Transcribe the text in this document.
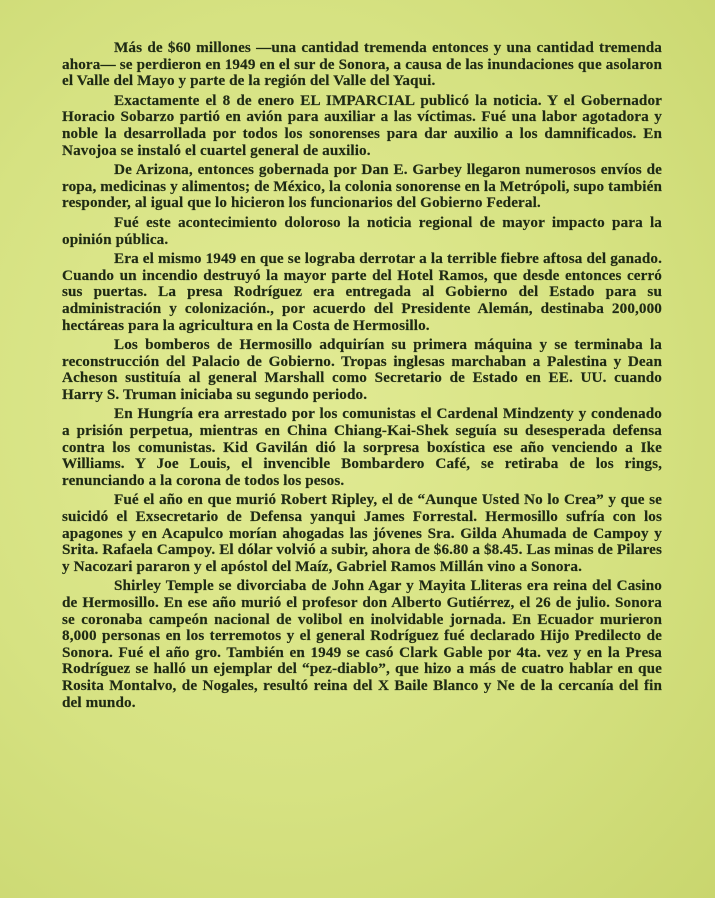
Más de $60 millones —una cantidad tremenda entonces y una cantidad tremenda ahora— se perdieron en 1949 en el sur de Sonora, a causa de las inundaciones que asolaron el Valle del Mayo y parte de la región del Valle del Yaqui.

Exactamente el 8 de enero EL IMPARCIAL publicó la noticia. Y el Gobernador Horacio Sobarzo partió en avión para auxiliar a las víctimas. Fué una labor agotadora y noble la desarrollada por todos los sonorenses para dar auxilio a los damnificados. En Navojoa se instaló el cuartel general de auxilio.

De Arizona, entonces gobernada por Dan E. Garbey llegaron numerosos envíos de ropa, medicinas y alimentos; de México, la colonia sonorense en la Metrópoli, supo también responder, al igual que lo hicieron los funcionarios del Gobierno Federal.

Fué este acontecimiento doloroso la noticia regional de mayor impacto para la opinión pública.

Era el mismo 1949 en que se lograba derrotar a la terrible fiebre aftosa del ganado. Cuando un incendio destruyó la mayor parte del Hotel Ramos, que desde entonces cerró sus puertas. La presa Rodríguez era entregada al Gobierno del Estado para su administración y colonización., por acuerdo del Presidente Alemán, destinaba 200,000 hectáreas para la agricultura en la Costa de Hermosillo.

Los bomberos de Hermosillo adquirían su primera máquina y se terminaba la reconstrucción del Palacio de Gobierno. Tropas inglesas marchaban a Palestina y Dean Acheson sustituía al general Marshall como Secretario de Estado en EE. UU. cuando Harry S. Truman iniciaba su segundo periodo.

En Hungría era arrestado por los comunistas el Cardenal Mindzenty y condenado a prisión perpetua, mientras en China Chiang-Kai-Shek seguía su desesperada defensa contra los comunistas. Kid Gavilán dió la sorpresa boxística ese año venciendo a Ike Williams. Y Joe Louis, el invencible Bombardero Café, se retiraba de los rings, renunciando a la corona de todos los pesos.

Fué el año en que murió Robert Ripley, el de “Aunque Usted No lo Crea” y que se suicidó el Exsecretario de Defensa yanqui James Forrestal. Hermosillo sufría con los apagones y en Acapulco morían ahogadas las jóvenes Sra. Gilda Ahumada de Campoy y Srita. Rafaela Campoy. El dólar volvió a subir, ahora de $6.80 a $8.45. Las minas de Pilares y Nacozari pararon y el apóstol del Maíz, Gabriel Ramos Millán vino a Sonora.

Shirley Temple se divorciaba de John Agar y Mayita Lliteras era reina del Casino de Hermosillo. En ese año murió el profesor don Alberto Gutiérrez, el 26 de julio. Sonora se coronaba campeón nacional de volibol en inolvidable jornada. En Ecuador murieron 8,000 personas en los terremotos y el general Rodríguez fué declarado Hijo Predilecto de Sonora. Fué el año gro. También en 1949 se casó Clark Gable por 4ta. vez y en la Presa Rodríguez se halló un ejemplar del “pez-diablo”, que hizo a más de cuatro hablar en que Rosita Montalvo, de Nogales, resultó reina del X Baile Blanco y Ne de la cercanía del fin del mundo.
